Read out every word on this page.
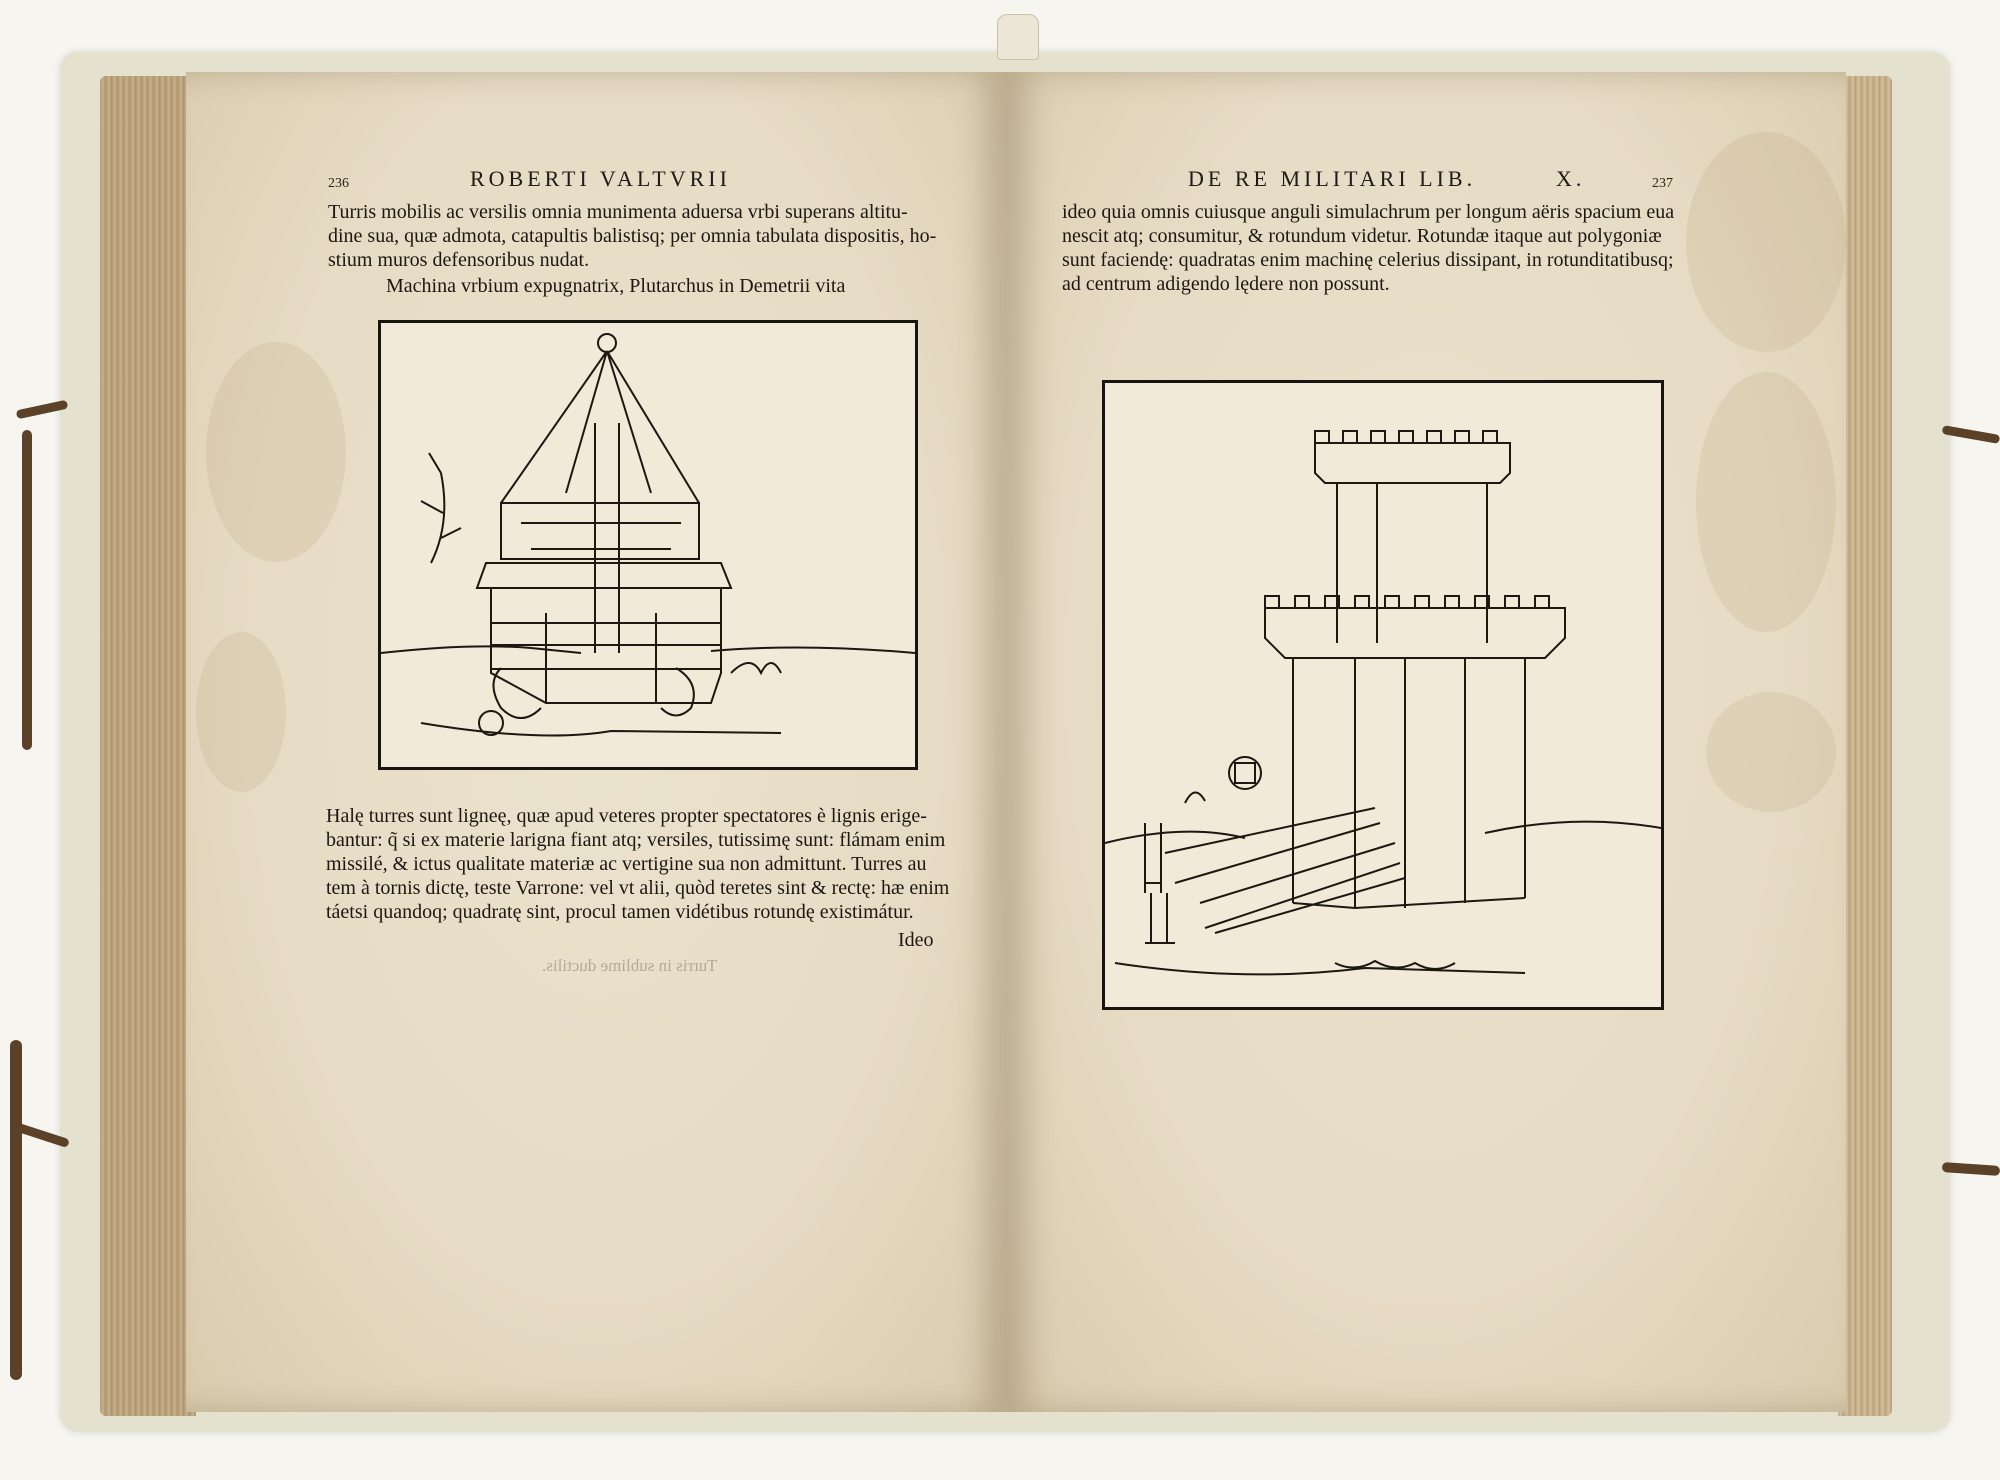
236	ROBERTI VALTVRII

Turris mobilis ac versilis omnia munimenta aduersa vrbi superans altitu-
dine sua, quæ admota, catapultis balistisq; per omnia tabulata dispositis, ho-
stium muros defensoribus nudat.

Machina vrbium expugnatrix, Plutarchus in Demetrii vita

Halę turres sunt ligneę, quæ apud veteres propter spectatores è lignis erige-
bantur: q̃ si ex materie larigna fiant atq; versiles, tutissimę sunt: flámam enim
missilé, & ictus qualitate materiæ ac vertigine sua non admittunt. Turres au
tem à tornis dictę, teste Varrone: vel vt alii, quòd teretes sint & rectę: hæ enim
táetsi quandoq; quadratę sint, procul tamen vidétibus rotundę existimátur.

Ideo
Turris in sublime ductilis.
DE RE MILITARI LIB.	X.	237

ideo quia omnis cuiusque anguli simulachrum per longum aëris spacium eua
nescit atq; consumitur, & rotundum videtur. Rotundæ itaque aut polygoniæ
sunt faciendę: quadratas enim machinę celerius dissipant, in rotunditatibusq;
ad centrum adigendo lędere non possunt.
